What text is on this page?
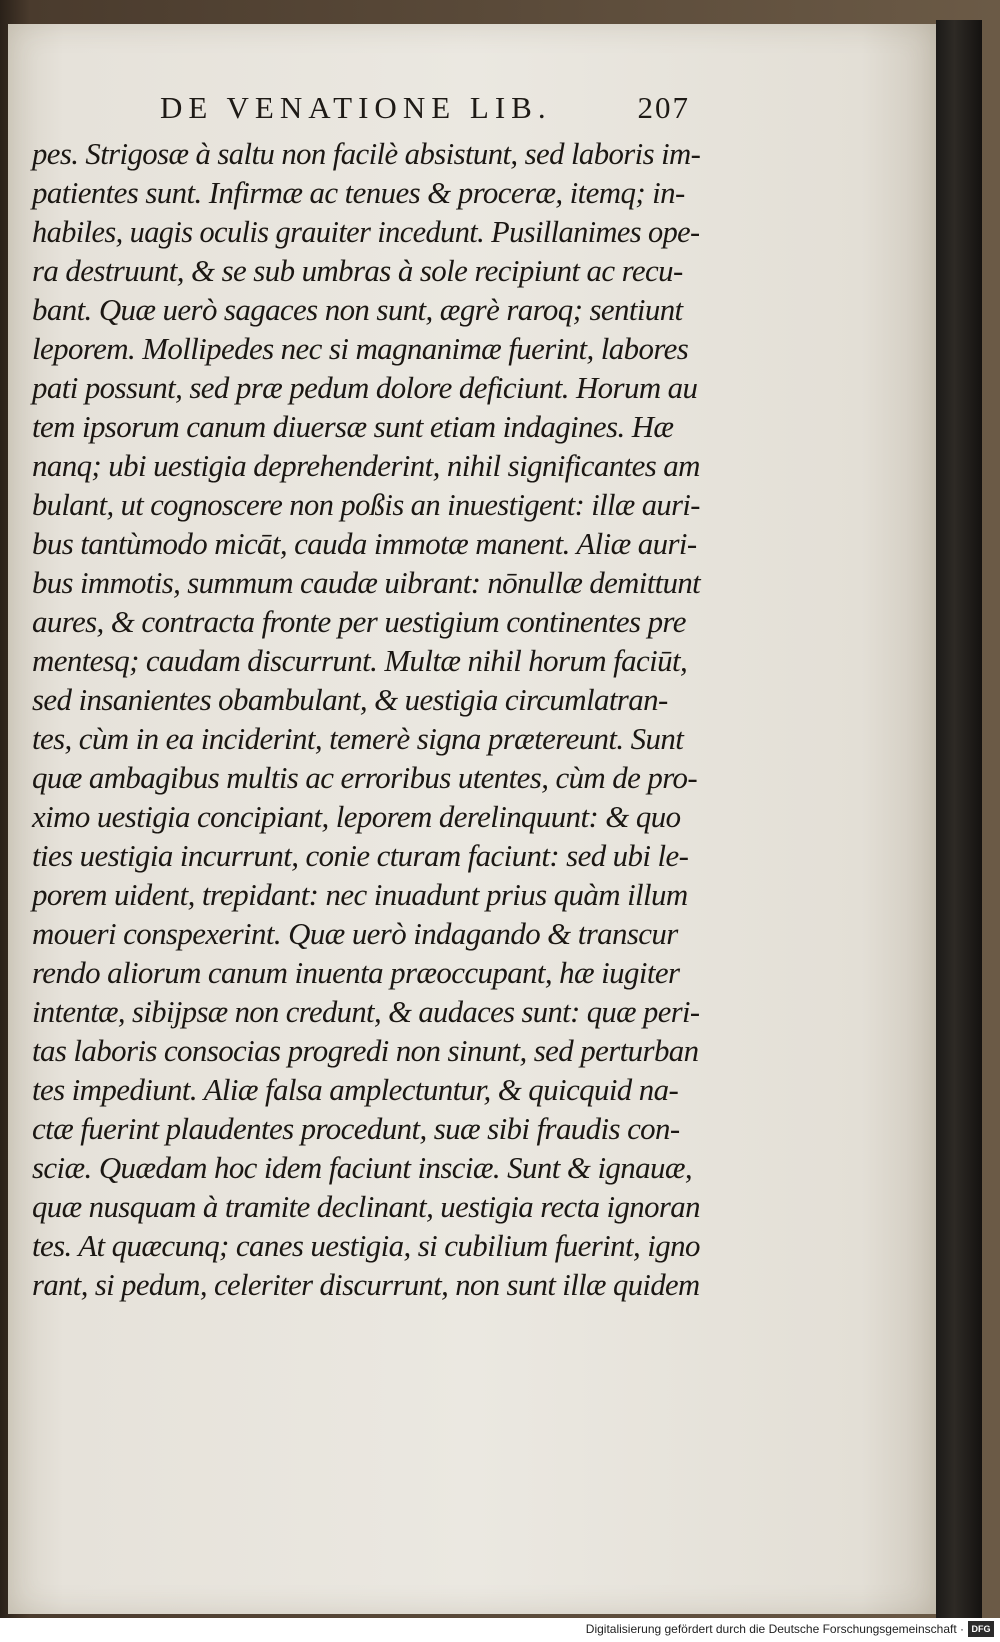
DE VENATIONE LIB.	207
pes. Strigosæ à saltu non facilè absistunt, sed laboris im-
patientes sunt. Infirmæ ac tenues & proceræ, itemq; in-
habiles, uagis oculis grauiter incedunt. Pusillanimes ope-
ra destruunt, & se sub umbras à sole recipiunt ac recu-
bant. Quæ uerò sagaces non sunt, ægrè raroq; sentiunt
leporem. Mollipedes nec si magnanimæ fuerint, labores
pati possunt, sed præ pedum dolore deficiunt. Horum au
tem ipsorum canum diuersæ sunt etiam indagines. Hæ
nanq; ubi uestigia deprehenderint, nihil significantes am
bulant, ut cognoscere non poßis an inuestigent: illæ auri-
bus tantùmodo micāt, cauda immotæ manent. Aliæ auri-
bus immotis, summum caudæ uibrant: nōnullæ demittunt
aures, & contracta fronte per uestigium continentes pre
mentesq; caudam discurrunt. Multæ nihil horum faciūt,
sed insanientes obambulant, & uestigia circumlatran-
tes, cùm in ea inciderint, temerè signa prætereunt. Sunt
quæ ambagibus multis ac erroribus utentes, cùm de pro-
ximo uestigia concipiant, leporem derelinquunt: & quo
ties uestigia incurrunt, conie cturam faciunt: sed ubi le-
porem uident, trepidant: nec inuadunt prius quàm illum
moueri conspexerint. Quæ uerò indagando & transcur
rendo aliorum canum inuenta præoccupant, hæ iugiter
intentæ, sibijpsæ non credunt, & audaces sunt: quæ peri-
tas laboris consocias progredi non sinunt, sed perturban
tes impediunt. Aliæ falsa amplectuntur, & quicquid na-
ctæ fuerint plaudentes procedunt, suæ sibi fraudis con-
sciæ. Quædam hoc idem faciunt insciæ. Sunt & ignauæ,
quæ nusquam à tramite declinant, uestigia recta ignoran
tes. At quæcunq; canes uestigia, si cubilium fuerint, igno
rant, si pedum, celeriter discurrunt, non sunt illæ quidem
Digitalisierung gefördert durch die Deutsche Forschungsgemeinschaft · DFG
